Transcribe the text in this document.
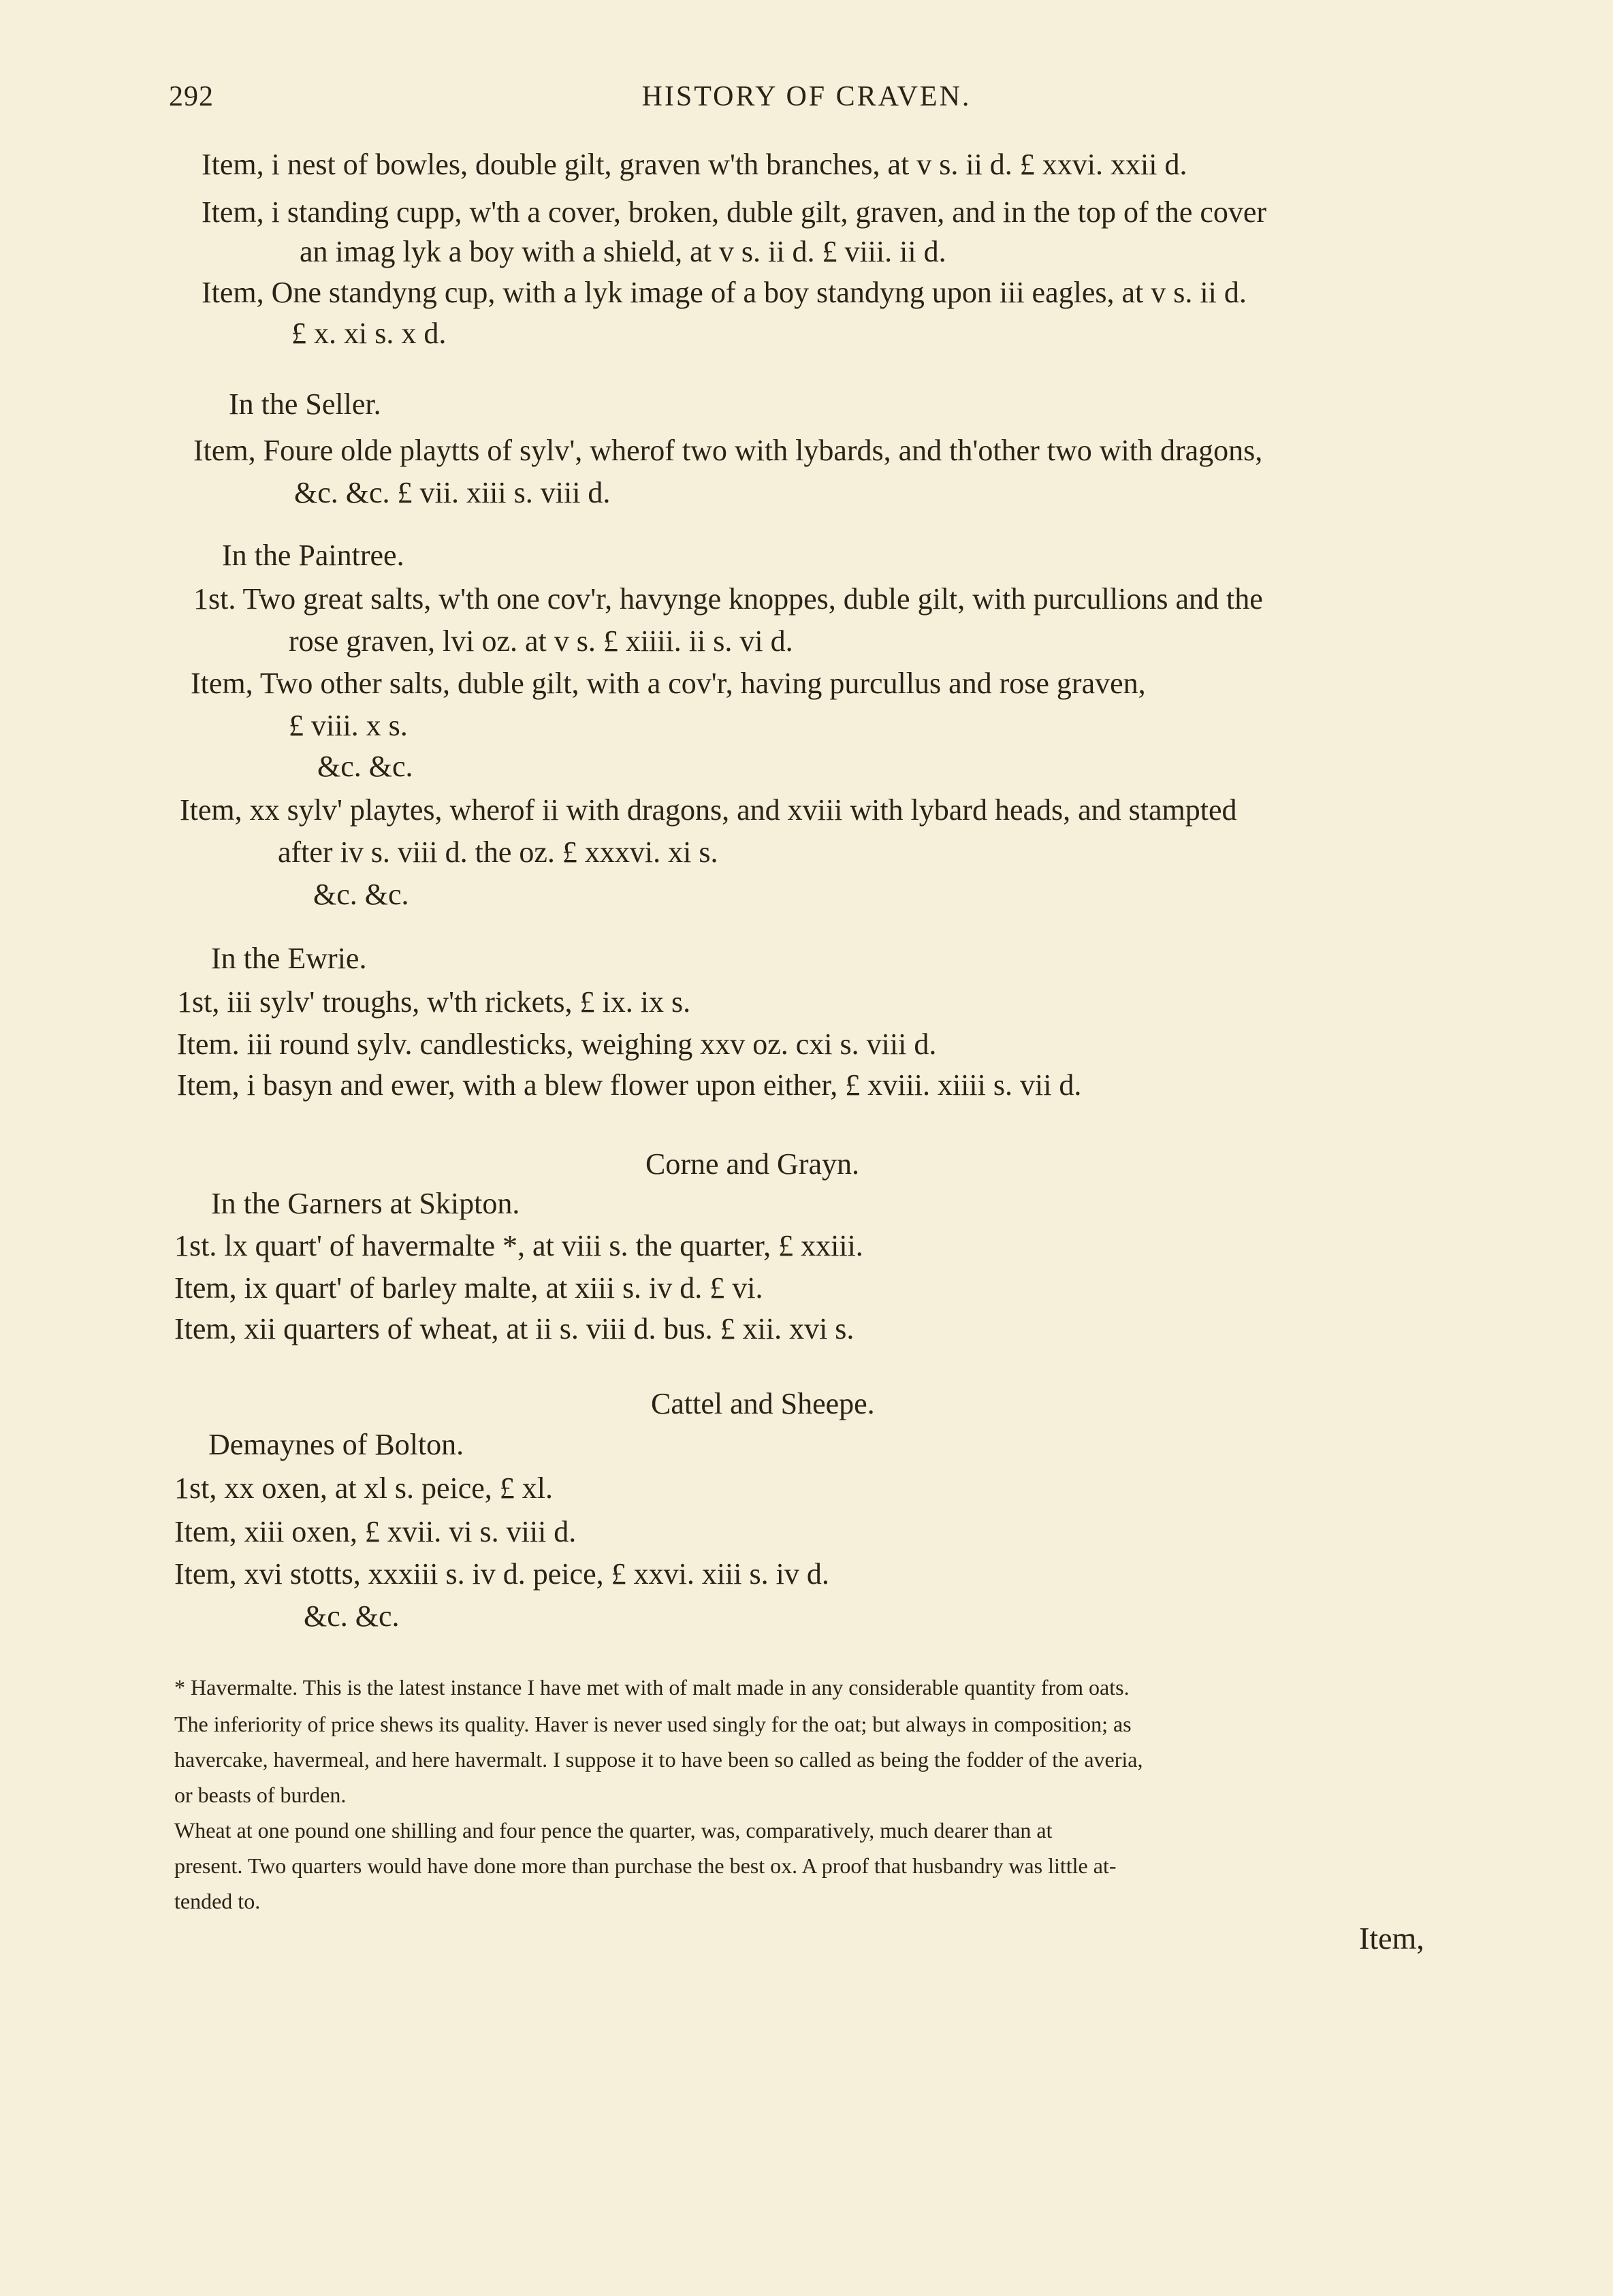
292	HISTORY OF CRAVEN.
Item, i nest of bowles, double gilt, graven w'th branches, at v s. ii d. £ xxvi. xxii d.
Item, i standing cupp, w'th a cover, broken, duble gilt, graven, and in the top of the cover
an imag lyk a boy with a shield, at v s. ii d. £ viii. ii d.
Item, One standyng cup, with a lyk image of a boy standyng upon iii eagles, at v s. ii d.
£ x. xi s. x d.
In the Seller.
Item, Foure olde playtts of sylv', wherof two with lybards, and th'other two with dragons,
&c. &c. £ vii. xiii s. viii d.
In the Paintree.
1st. Two great salts, w'th one cov'r, havynge knoppes, duble gilt, with purcullions and the
rose graven, lvi oz. at v s. £ xiiii. ii s. vi d.
Item, Two other salts, duble gilt, with a cov'r, having purcullus and rose graven,
£ viii. x s.
&c. &c.
Item, xx sylv' playtes, wherof ii with dragons, and xviii with lybard heads, and stampted
after iv s. viii d. the oz. £ xxxvi. xi s.
&c. &c.
In the Ewrie.
1st, iii sylv' troughs, w'th rickets, £ ix. ix s.
Item. iii round sylv. candlesticks, weighing xxv oz. cxi s. viii d.
Item, i basyn and ewer, with a blew flower upon either, £ xviii. xiiii s. vii d.
Corne and Grayn.
In the Garners at Skipton.
1st. lx quart' of havermalte *, at viii s. the quarter, £ xxiii.
Item, ix quart' of barley malte, at xiii s. iv d. £ vi.
Item, xii quarters of wheat, at ii s. viii d. bus. £ xii. xvi s.
Cattel and Sheepe.
Demaynes of Bolton.
1st, xx oxen, at xl s. peice, £ xl.
Item, xiii oxen, £ xvii. vi s. viii d.
Item, xvi stotts, xxxiii s. iv d. peice, £ xxvi. xiii s. iv d.
&c. &c.
* Havermalte. This is the latest instance I have met with of malt made in any considerable quantity from oats.
The inferiority of price shews its quality. Haver is never used singly for the oat; but always in composition; as
havercake, havermeal, and here havermalt. I suppose it to have been so called as being the fodder of the averia,
or beasts of burden.
Wheat at one pound one shilling and four pence the quarter, was, comparatively, much dearer than at
present. Two quarters would have done more than purchase the best ox. A proof that husbandry was little at-
tended to.
Item,
